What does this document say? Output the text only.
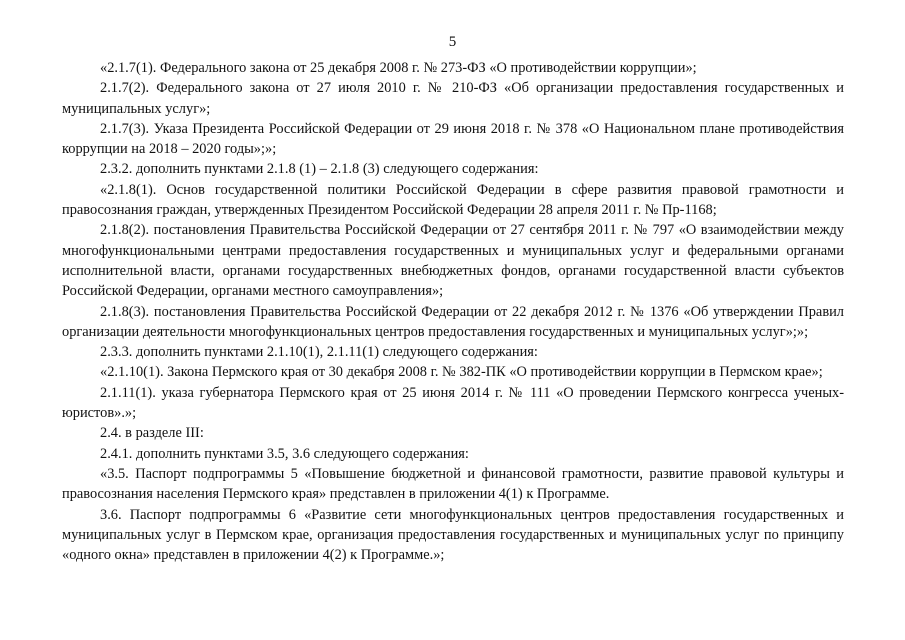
5

«2.1.7(1). Федерального закона от 25 декабря 2008 г. № 273-ФЗ «О противодействии коррупции»;

2.1.7(2). Федерального закона от 27 июля 2010 г. № 210-ФЗ «Об организации предоставления государственных и муниципальных услуг»;

2.1.7(3). Указа Президента Российской Федерации от 29 июня 2018 г. № 378 «О Национальном плане противодействия коррупции на 2018 – 2020 годы»;»;

2.3.2. дополнить пунктами 2.1.8 (1) – 2.1.8 (3) следующего содержания:

«2.1.8(1). Основ государственной политики Российской Федерации в сфере развития правовой грамотности и правосознания граждан, утвержденных Президентом Российской Федерации 28 апреля 2011 г. № Пр-1168;

2.1.8(2). постановления Правительства Российской Федерации от 27 сентября 2011 г. № 797 «О взаимодействии между многофункциональными центрами предоставления государственных и муниципальных услуг и федеральными органами исполнительной власти, органами государственных внебюджетных фондов, органами государственной власти субъектов Российской Федерации, органами местного самоуправления»;

2.1.8(3). постановления Правительства Российской Федерации от 22 декабря 2012 г. № 1376 «Об утверждении Правил организации деятельности многофункциональных центров предоставления государственных и муниципальных услуг»;»;

2.3.3. дополнить пунктами 2.1.10(1), 2.1.11(1) следующего содержания:

«2.1.10(1). Закона Пермского края от 30 декабря 2008 г. № 382-ПК «О противодействии коррупции в Пермском крае»;

2.1.11(1). указа губернатора Пермского края от 25 июня 2014 г. № 111 «О проведении Пермского конгресса ученых-юристов».»;

2.4. в разделе III:

2.4.1. дополнить пунктами 3.5, 3.6 следующего содержания:

«3.5. Паспорт подпрограммы 5 «Повышение бюджетной и финансовой грамотности, развитие правовой культуры и правосознания населения Пермского края» представлен в приложении 4(1) к Программе.

3.6. Паспорт подпрограммы 6 «Развитие сети многофункциональных центров предоставления государственных и муниципальных услуг в Пермском крае, организация предоставления государственных и муниципальных услуг по принципу «одного окна» представлен в приложении 4(2) к Программе.»;
